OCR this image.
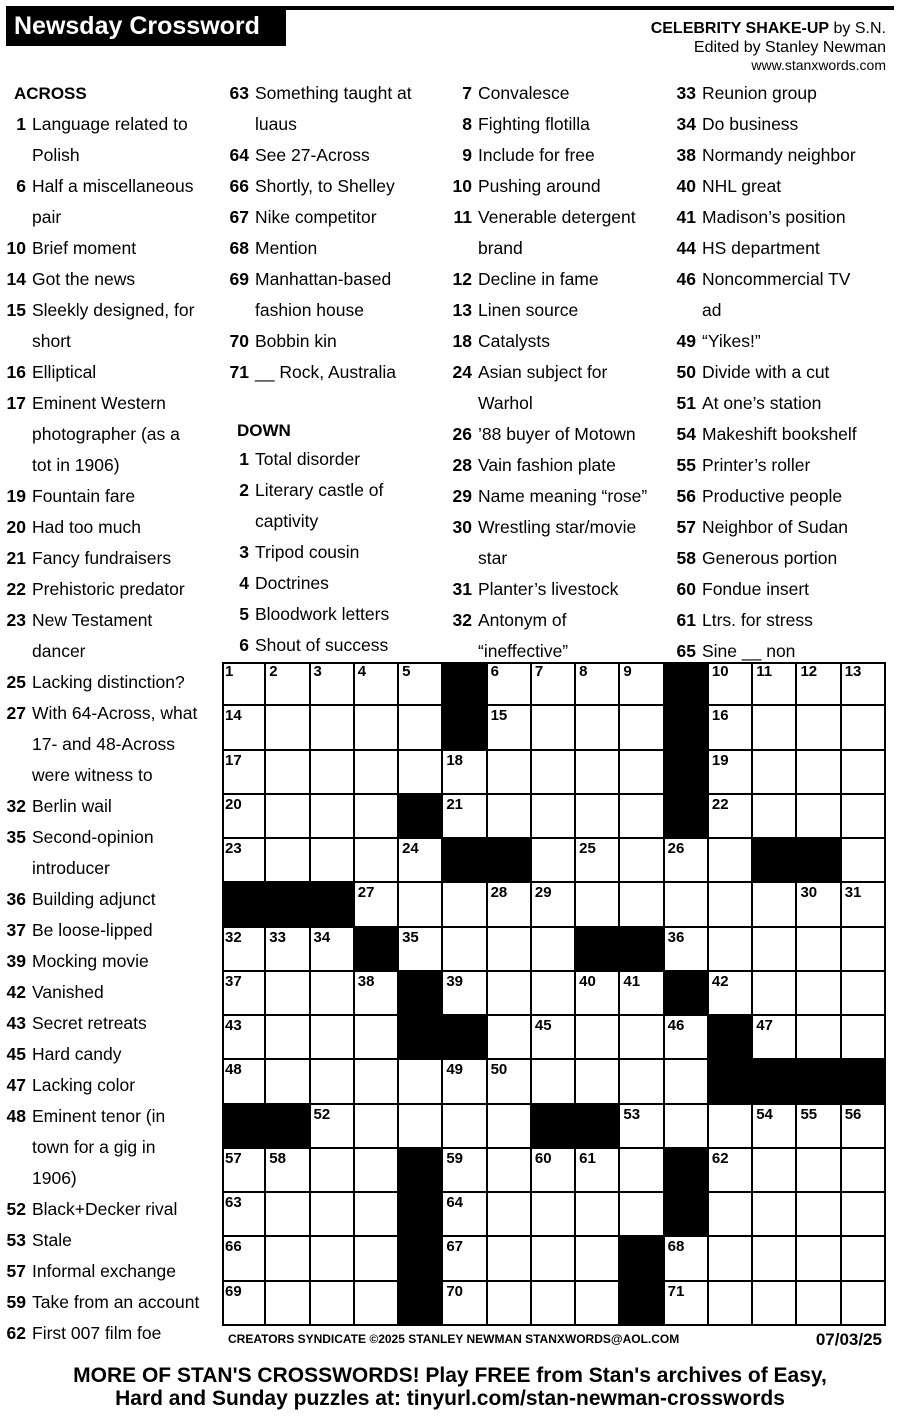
Newsday Crossword	CELEBRITY SHAKE-UP by S.N.
Edited by Stanley Newman
www.stanxwords.com
ACROSS
1 Language related to
Polish
6 Half a miscellaneous
pair
10 Brief moment
14 Got the news
15 Sleekly designed, for
short
16 Elliptical
17 Eminent Western
photographer (as a
tot in 1906)
19 Fountain fare
20 Had too much
21 Fancy fundraisers
22 Prehistoric predator
23 New Testament
dancer
25 Lacking distinction?
27 With 64-Across, what
17- and 48-Across
were witness to
32 Berlin wail
35 Second-opinion
introducer
36 Building adjunct
37 Be loose-lipped
39 Mocking movie
42 Vanished
43 Secret retreats
45 Hard candy
47 Lacking color
48 Eminent tenor (in
town for a gig in
1906)
52 Black+Decker rival
53 Stale
57 Informal exchange
59 Take from an account
62 First 007 film foe
63 Something taught at
luaus
64 See 27-Across
66 Shortly, to Shelley
67 Nike competitor
68 Mention
69 Manhattan-based
fashion house
70 Bobbin kin
71 __ Rock, Australia
DOWN
1 Total disorder
2 Literary castle of
captivity
3 Tripod cousin
4 Doctrines
5 Bloodwork letters
6 Shout of success
7 Convalesce
8 Fighting flotilla
9 Include for free
10 Pushing around
11 Venerable detergent
brand
12 Decline in fame
13 Linen source
18 Catalysts
24 Asian subject for
Warhol
26 ’88 buyer of Motown
28 Vain fashion plate
29 Name meaning “rose”
30 Wrestling star/movie
star
31 Planter’s livestock
32 Antonym of
“ineffective”
33 Reunion group
34 Do business
38 Normandy neighbor
40 NHL great
41 Madison’s position
44 HS department
46 Noncommercial TV
ad
49 “Yikes!”
50 Divide with a cut
51 At one’s station
54 Makeshift bookshelf
55 Printer’s roller
56 Productive people
57 Neighbor of Sudan
58 Generous portion
60 Fondue insert
61 Ltrs. for stress
65 Sine __ non
1 2 3 4 5	6 7 8 9	10 11 12 13
14	15	16
17	18	19
20	21	22
23	24	25	26
27	28 29	30 31
32 33 34	35	36
37	38	39	40 41	42
43	45	46	47
48	49 50
52	53	54 55 56
57 58	59	60 61	62
63	64
66	67	68
69	70	71
CREATORS SYNDICATE ©2025 STANLEY NEWMAN STANXWORDS@AOL.COM	07/03/25
MORE OF STAN'S CROSSWORDS! Play FREE from Stan's archives of Easy,
Hard and Sunday puzzles at: tinyurl.com/stan-newman-crosswords
